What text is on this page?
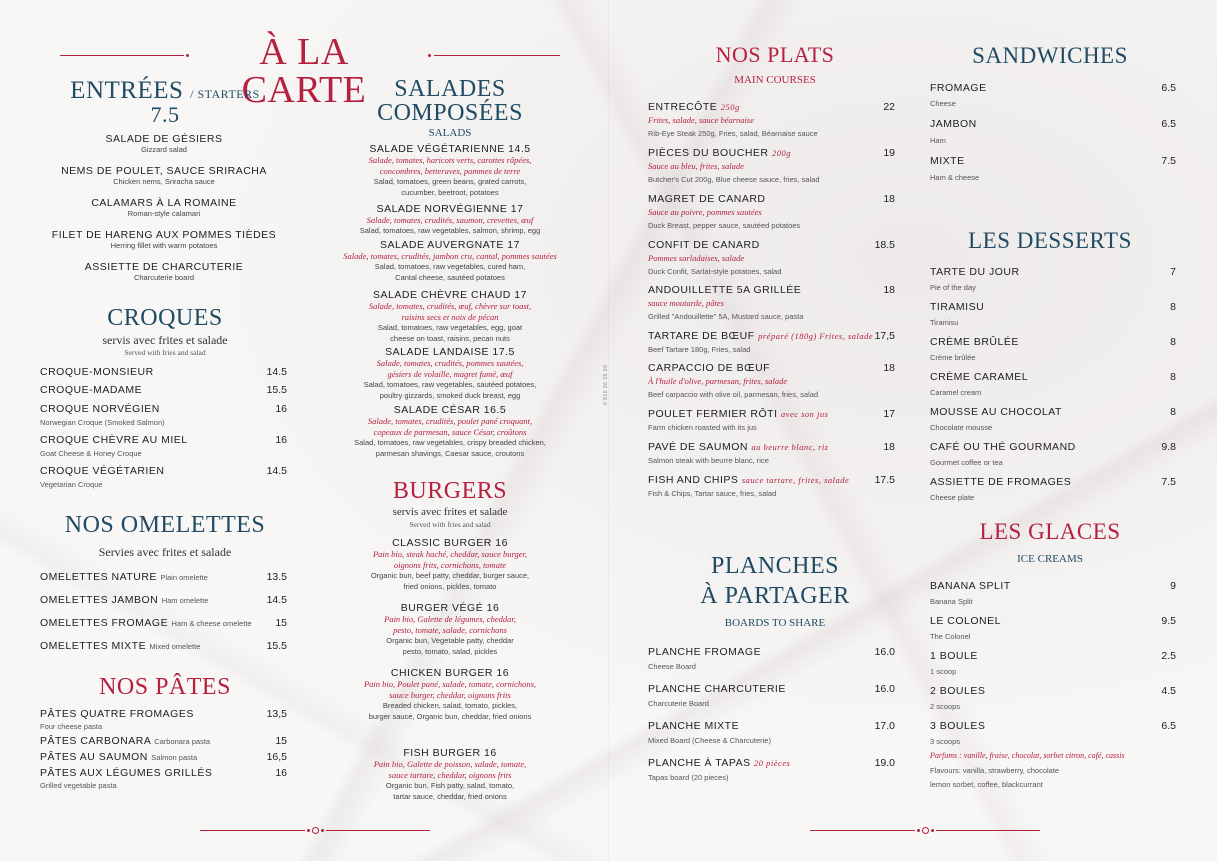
À LA CARTE
ENTRÉES / STARTERS
7.5
SALADE DE GÉSIERS
Gizzard salad
NEMS DE POULET, SAUCE SRIRACHA
Chicken nems, Sriracha sauce
CALAMARS À LA ROMAINE
Roman-style calamari
FILET DE HARENG AUX POMMES TIÈDES
Herring fillet with warm potatoes
ASSIETTE DE CHARCUTERIE
Charcuterie board
CROQUES
servis avec frites et salade
Served with fries and salad
CROQUE-MONSIEUR	14.5
CROQUE-MADAME	15.5
CROQUE NORVÉGIEN	16
Norwegian Croque (Smoked Salmon)
CROQUE CHÈVRE AU MIEL	16
Goat Cheese & Honey Croque
CROQUE VÉGÉTARIEN	14.5
Vegetarian Croque
NOS OMELETTES
Servies avec frites et salade
OMELETTES NATURE Plain omelette	13.5
OMELETTES JAMBON Ham omelette	14.5
OMELETTES FROMAGE Ham & cheese omelette 15
OMELETTES MIXTE Mixed omelette	15.5
NOS PÂTES
PÂTES QUATRE FROMAGES	13,5
Four cheese pasta
PÂTES CARBONARA Carbonara pasta	15
PÂTES AU SAUMON Salmon pasta	16,5
PÂTES AUX LÉGUMES GRILLÉS	16
Grilled vegetable pasta
SALADES
COMPOSÉES
SALADS
SALADE VÉGÉTARIENNE 14.5
Salade, tomates, haricots verts, carottes râpées,
concombres, betteraves, pommes de terre
Salad, tomatoes, green beans, grated carrots,
cucumber, beetroot, potatoes
SALADE NORVÉGIENNE 17
Salade, tomates, crudités, saumon, crevettes, œuf
Salad, tomatoes, raw vegetables, salmon, shrimp, egg
SALADE AUVERGNATE 17
Salade, tomates, crudités, jambon cru, cantal, pommes sautées
Salad, tomatoes, raw vegetables, cured ham,
Cantal cheese, sautéed potatoes
SALADE CHÈVRE CHAUD 17
Salade, tomates, crudités, œuf, chèvre sur toast,
raisins secs et noix de pécan
Salad, tomatoes, raw vegetables, egg, goat
cheese on toast, raisins, pecan nuts
SALADE LANDAISE 17.5
Salade, tomates, crudités, pommes sautées,
gésiers de volaille, magret fumé, œuf
Salad, tomatoes, raw vegetables, sautéed potatoes,
poultry gizzards, smoked duck breast, egg
SALADE CÉSAR 16.5
Salade, tomates, crudités, poulet pané croquant,
copeaux de parmesan, sauce César, croûtons
Salad, tomatoes, raw vegetables, crispy breaded chicken,
parmesan shavings, Caesar sauce, croutons
BURGERS
servis avec frites et salade
Served with fries and salad
CLASSIC BURGER 16
Pain bio, steak haché, cheddar, sauce burger,
oignons frits, cornichons, tomate
Organic bun, beef patty, cheddar, burger sauce,
fried onions, pickles, tomato
BURGER VÉGÉ 16
Pain bio, Galette de légumes, cheddar,
pesto, tomate, salade, cornichons
Organic bun, Vegetable patty, cheddar
pesto, tomato, salad, pickles
CHICKEN BURGER 16
Pain bio, Poulet pané, salade, tomate, cornichons,
sauce burger, cheddar, oignons frits
Breaded chicken, salad, tomato, pickles,
burger sauce, Organic bun, cheddar, fried onions
FISH BURGER 16
Pain bio, Galette de poisson, salade, tomate,
sauce tartare, cheddar, oignons frits
Organic bun, Fish patty, salad, tomato,
tartar sauce, cheddar, fried onions
0 810 26 35 00
NOS PLATS
MAIN COURSES
ENTRECÔTE 250g	22
Frites, salade, sauce béarnaise
Rib-Eye Steak 250g, Fries, salad, Béarnaise sauce
PIÈCES DU BOUCHER 200g	19
Sauce au bleu, frites, salade
Butcher's Cut 200g, Blue cheese sauce, fries, salad
MAGRET DE CANARD	18
Sauce au poivre, pommes sautées
Duck Breast, pepper sauce, sautéed potatoes
CONFIT DE CANARD	18.5
Pommes sarladaises, salade
Duck Confit, Sarlat-style potatoes, salad
ANDOUILLETTE 5A GRILLÉE	18
sauce moutarde, pâtes
Grilled "Andouillette" 5A, Mustard sauce, pasta
TARTARE DE BŒUF préparé (180g) Frites, salade 17,5
Beef Tartare 180g, Fries, salad
CARPACCIO DE BŒUF	18
À l'huile d'olive, parmesan, frites, salade
Beef carpaccio with olive oil, parmesan, fries, salad
POULET FERMIER RÔTI avec son jus	17
Farm chicken roasted with its jus
PAVÉ DE SAUMON au beurre blanc, riz	18
Salmon steak with beurre blanc, rice
FISH AND CHIPS sauce tartare, frites, salade 17.5
Fish & Chips, Tartar sauce, fries, salad
PLANCHES
À PARTAGER
BOARDS TO SHARE
PLANCHE FROMAGE	16.0
Cheese Board
PLANCHE CHARCUTERIE	16.0
Charcuterie Board
PLANCHE MIXTE	17.0
Mixed Board (Cheese & Charcuterie)
PLANCHE À TAPAS 20 pièces	19.0
Tapas board (20 pieces)
SANDWICHES
FROMAGE	6.5
Cheese
JAMBON	6.5
Ham
MIXTE	7.5
Ham & cheese
LES DESSERTS
TARTE DU JOUR	7
Pie of the day
TIRAMISU	8
Tiramisu
CRÈME BRÛLÉE	8
Crème brûlée
CRÈME CARAMEL	8
Caramel cream
MOUSSE AU CHOCOLAT	8
Chocolate mousse
CAFÉ OU THÉ GOURMAND	9.8
Gourmet coffee or tea
ASSIETTE DE FROMAGES	7.5
Cheese plate
LES GLACES
ICE CREAMS
BANANA SPLIT	9
Banana Split
LE COLONEL	9.5
The Colonel
1 BOULE	2.5
1 scoop
2 BOULES	4.5
2 scoops
3 BOULES	6.5
3 scoops
Parfums : vanille, fraise, chocolat, sorbet citron, café, cassis
Flavours: vanilla, strawberry, chocolate
lemon sorbet, coffee, blackcurrant
